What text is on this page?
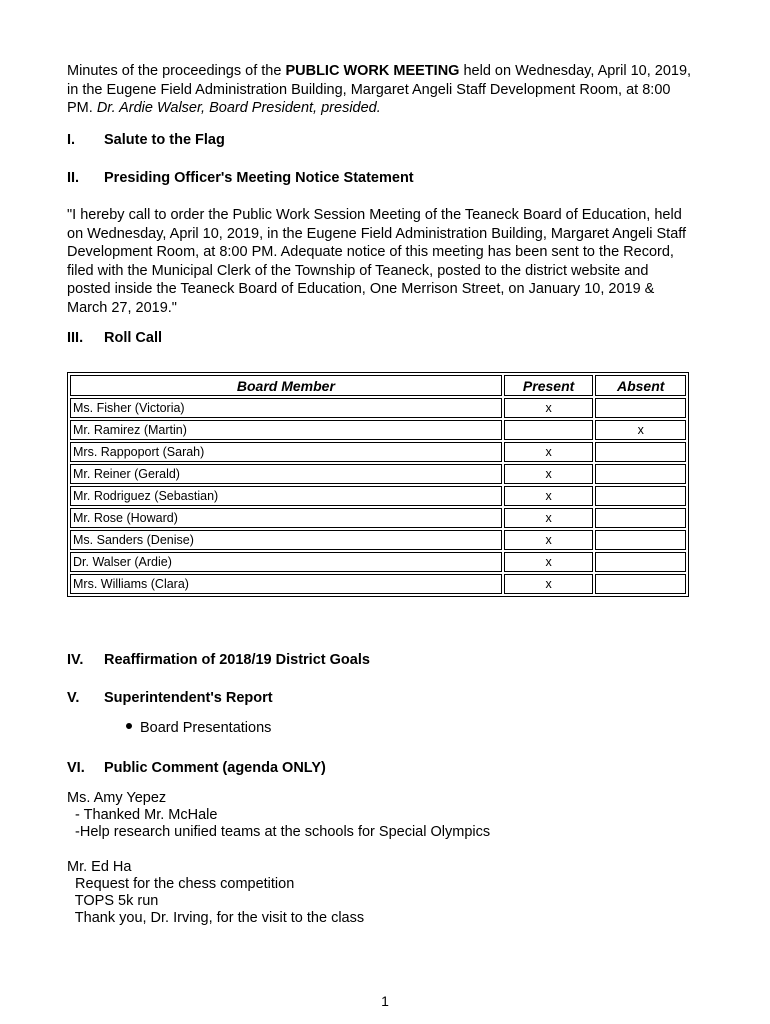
Minutes of the proceedings of the PUBLIC WORK MEETING held on Wednesday, April 10, 2019, in the Eugene Field Administration Building, Margaret Angeli Staff Development Room, at 8:00 PM. Dr. Ardie Walser, Board President, presided.
I. Salute to the Flag
II. Presiding Officer's Meeting Notice Statement
"I hereby call to order the Public Work Session Meeting of the Teaneck Board of Education, held on Wednesday, April 10, 2019, in the Eugene Field Administration Building, Margaret Angeli Staff Development Room, at 8:00 PM. Adequate notice of this meeting has been sent to the Record, filed with the Municipal Clerk of the Township of Teaneck, posted to the district website and posted inside the Teaneck Board of Education, One Merrison Street, on January 10, 2019 & March 27, 2019."
III. Roll Call
Board Member	Present	Absent
Ms. Fisher (Victoria)	x	
Mr. Ramirez (Martin)		x
Mrs. Rappoport (Sarah)	x	
Mr. Reiner (Gerald)	x	
Mr. Rodriguez (Sebastian)	x	
Mr. Rose (Howard)	x	
Ms. Sanders (Denise)	x	
Dr. Walser (Ardie)	x	
Mrs. Williams (Clara)	x	
IV. Reaffirmation of 2018/19 District Goals
V. Superintendent's Report
Board Presentations
VI. Public Comment (agenda ONLY)
Ms. Amy Yepez
- Thanked Mr. McHale
-Help research unified teams at the schools for Special Olympics
Mr. Ed Ha
Request for the chess competition
TOPS 5k run
Thank you, Dr. Irving, for the visit to the class
1
